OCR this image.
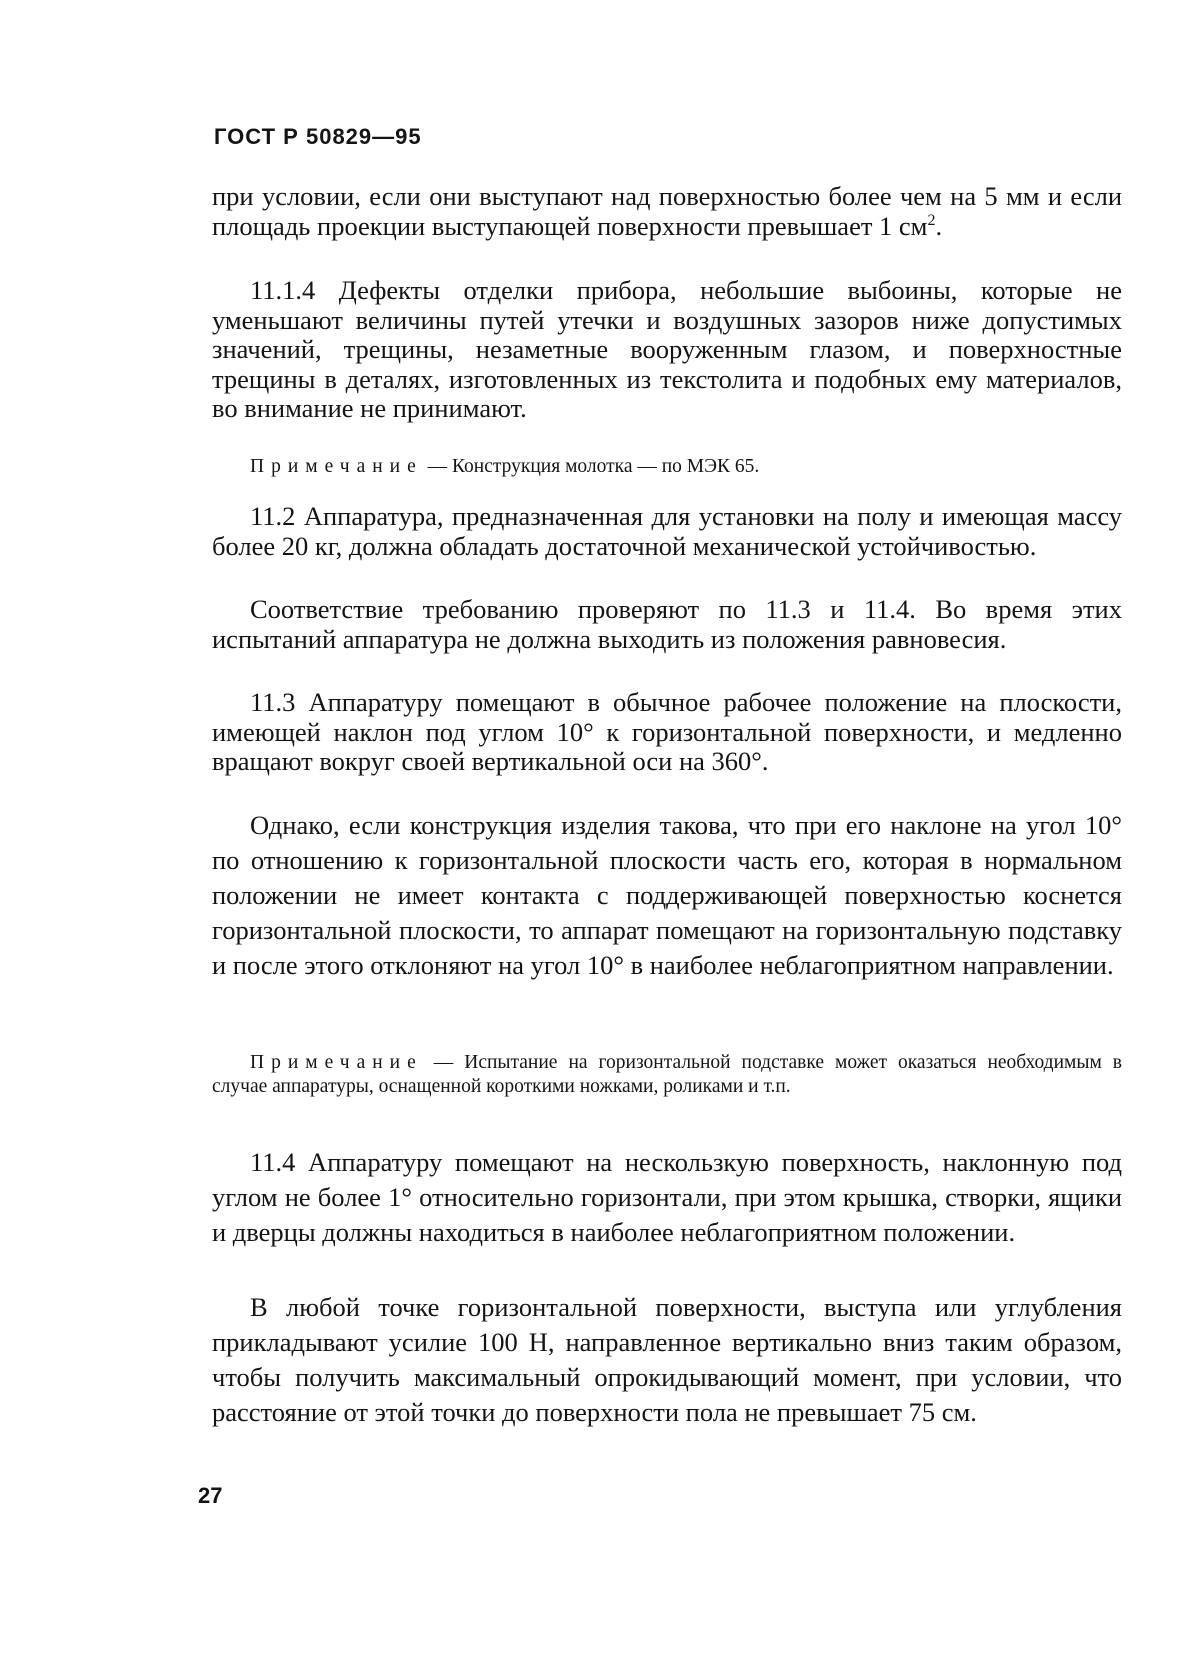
ГОСТ Р 50829—95

при условии, если они выступают над поверхностью более чем на 5 мм и если площадь проекции выступающей поверхности превышает 1 $см^2$.

11.1.4 Дефекты отделки прибора, небольшие выбоины, которые не уменьшают величины путей утечки и воздушных зазоров ниже допустимых значений, трещины, незаметные вооруженным глазом, и поверхностные трещины в деталях, изготовленных из текстолита и подобных ему материалов, во внимание не принимают.

Примечание — Конструкция молотка — по МЭК 65.

11.2 Аппаратура, предназначенная для установки на полу и имеющая массу более 20 кг, должна обладать достаточной механической устойчивостью.

Соответствие требованию проверяют по 11.3 и 11.4. Во время этих испытаний аппаратура не должна выходить из положения равновесия.

11.3 Аппаратуру помещают в обычное рабочее положение на плоскости, имеющей наклон под углом 10° к горизонтальной поверхности, и медленно вращают вокруг своей вертикальной оси на 360°.

Однако, если конструкция изделия такова, что при его наклоне на угол 10° по отношению к горизонтальной плоскости часть его, которая в нормальном положении не имеет контакта с поддерживающей поверхностью коснется горизонтальной плоскости, то аппарат помещают на горизонтальную подставку и после этого отклоняют на угол 10° в наиболее неблагоприятном направлении.

Примечание — Испытание на горизонтальной подставке может оказаться необходимым в случае аппаратуры, оснащенной короткими ножками, роликами и т.п.

11.4 Аппаратуру помещают на нескользкую поверхность, наклонную под углом не более 1° относительно горизонтали, при этом крышка, створки, ящики и дверцы должны находиться в наиболее неблагоприятном положении.

В любой точке горизонтальной поверхности, выступа или углубления прикладывают усилие 100 Н, направленное вертикально вниз таким образом, чтобы получить максимальный опрокидывающий момент, при условии, что расстояние от этой точки до поверхности пола не превышает 75 см.

27
